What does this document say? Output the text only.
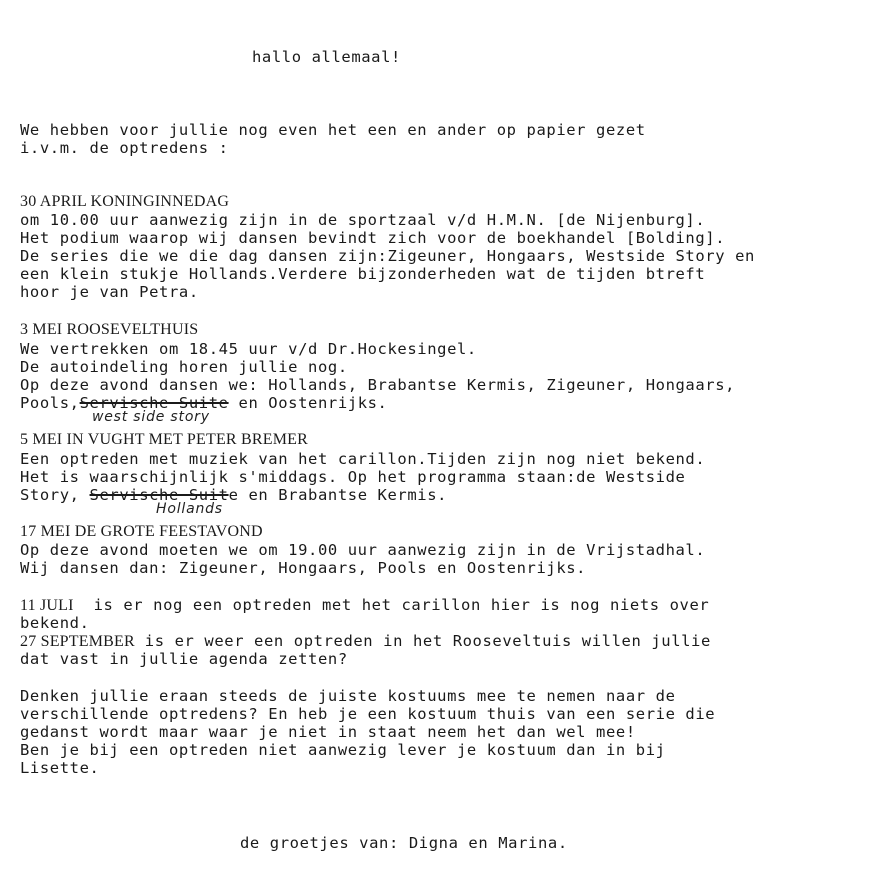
hallo allemaal!
We hebben voor jullie nog even het een en ander op papier gezet
i.v.m. de optredens :
30 APRIL KONINGINNEDAG
om 10.00 uur aanwezig zijn in de sportzaal v/d H.M.N. [de Nijenburg].
Het podium waarop wij dansen bevindt zich voor de boekhandel [Bolding].
De series die we die dag dansen zijn:Zigeuner, Hongaars, Westside Story en
een klein stukje Hollands.Verdere bijzonderheden wat de tijden btreft
hoor je van Petra.
3 MEI ROOSEVELTHUIS
We vertrekken om 18.45 uur v/d Dr.Hockesingel.
De autoindeling horen jullie nog.
Op deze avond dansen we: Hollands, Brabantse Kermis, Zigeuner, Hongaars,
Pools,Servische Suite en Oostenrijks.
west side story
5 MEI IN VUGHT MET PETER BREMER
Een optreden met muziek van het carillon.Tijden zijn nog niet bekend.
Het is waarschijnlijk s'middags. Op het programma staan:de Westside
Story, Servische Suite en Brabantse Kermis.
Hollands
17 MEI DE GROTE FEESTAVOND
Op deze avond moeten we om 19.00 uur aanwezig zijn in de Vrijstadhal.
Wij dansen dan: Zigeuner, Hongaars, Pools en Oostenrijks.
11 JULI  is er nog een optreden met het carillon hier is nog niets over
bekend.
27 SEPTEMBER is er weer een optreden in het Rooseveltuis willen jullie
dat vast in jullie agenda zetten?
Denken jullie eraan steeds de juiste kostuums mee te nemen naar de
verschillende optredens? En heb je een kostuum thuis van een serie die
gedanst wordt maar waar je niet in staat neem het dan wel mee!
Ben je bij een optreden niet aanwezig lever je kostuum dan in bij
Lisette.
de groetjes van: Digna en Marina.
